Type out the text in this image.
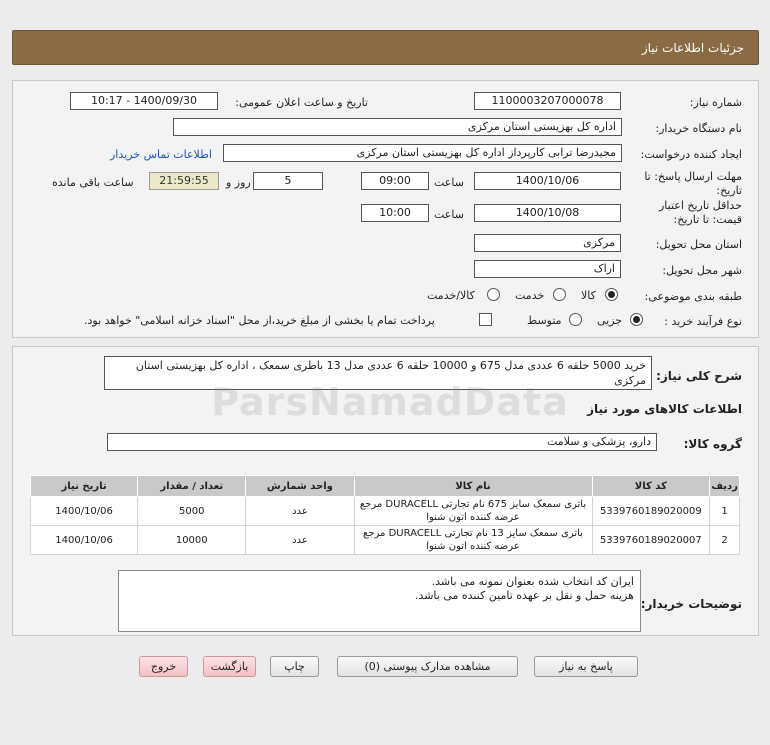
جزئیات اطلاعات نیاز
شماره نیاز:
1100003207000078
تاریخ و ساعت اعلان عمومی:
1400/09/30 - 10:17
نام دستگاه خریدار:
اداره کل بهزیستی استان مرکزی
ایجاد کننده درخواست:
مجیدرضا ترابی کارپرداز اداره کل بهزیستی استان مرکزی
اطلاعات تماس خریدار
مهلت ارسال پاسخ: تا
تاریخ:
1400/10/06
ساعت
09:00
5
روز و
21:59:55
ساعت باقی مانده
حداقل تاریخ اعتبار
قیمت: تا تاریخ:
1400/10/08
ساعت
10:00
استان محل تحویل:
مرکزی
شهر محل تحویل:
اراک
طبقه بندی موضوعی:
کالا
خدمت
کالا/خدمت
نوع فرآیند خرید :
جزیی
متوسط
پرداخت تمام یا بخشی از مبلغ خرید،از محل "اسناد خزانه اسلامی" خواهد بود.
شرح کلی نیاز:
خرید 5000 حلقه 6 عددی مدل 675 و 10000 حلقه 6 عددی مدل 13 باطری سمعک ، اداره کل بهزیستی استان مرکزی
اطلاعات کالاهای مورد نیاز
گروه کالا:
دارو، پزشکی و سلامت
ردیف	کد کالا	نام کالا	واحد شمارش	تعداد / مقدار	تاریخ نیاز
1	5339760189020009	باتری سمعک سایز 675 نام تجارتی DURACELL مرجع عرضه کننده اتون شنوا	عدد	5000	1400/10/06
2	5339760189020007	باتری سمعک سایز 13 نام تجارتی DURACELL مرجع عرضه کننده اتون شنوا	عدد	10000	1400/10/06
توضیحات خریدار:
ایران کد انتخاب شده بعنوان نمونه می باشد.
هزینه حمل و نقل بر عهده تامین کننده می باشد.
پاسخ به نیاز
مشاهده مدارک پیوستی (0)
چاپ
بازگشت
خروج
